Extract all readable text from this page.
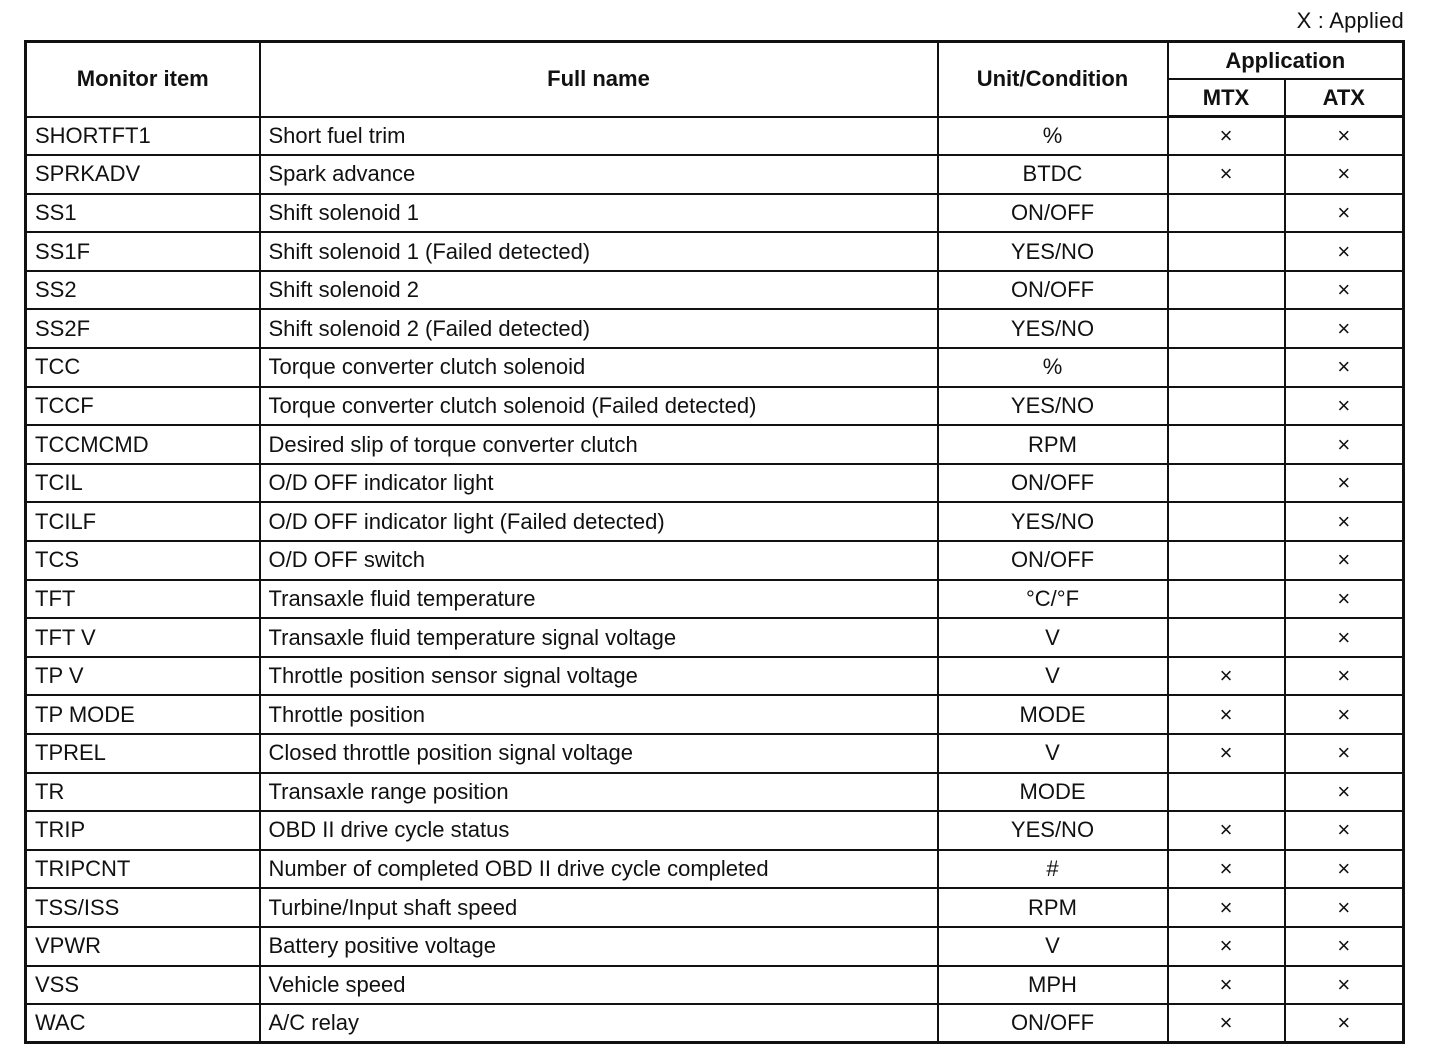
X : Applied
Monitor item	Full name	Unit/Condition	Application	
			MTX	ATX
SHORTFT1	Short fuel trim	%	×	×
SPRKADV	Spark advance	BTDC	×	×
SS1	Shift solenoid 1	ON/OFF		×
SS1F	Shift solenoid 1 (Failed detected)	YES/NO		×
SS2	Shift solenoid 2	ON/OFF		×
SS2F	Shift solenoid 2 (Failed detected)	YES/NO		×
TCC	Torque converter clutch solenoid	%		×
TCCF	Torque converter clutch solenoid (Failed detected)	YES/NO		×
TCCMCMD	Desired slip of torque converter clutch	RPM		×
TCIL	O/D OFF indicator light	ON/OFF		×
TCILF	O/D OFF indicator light (Failed detected)	YES/NO		×
TCS	O/D OFF switch	ON/OFF		×
TFT	Transaxle fluid temperature	°C/°F		×
TFT V	Transaxle fluid temperature signal voltage	V		×
TP V	Throttle position sensor signal voltage	V	×	×
TP MODE	Throttle position	MODE	×	×
TPREL	Closed throttle position signal voltage	V	×	×
TR	Transaxle range position	MODE		×
TRIP	OBD II drive cycle status	YES/NO	×	×
TRIPCNT	Number of completed OBD II drive cycle completed	#	×	×
TSS/ISS	Turbine/Input shaft speed	RPM	×	×
VPWR	Battery positive voltage	V	×	×
VSS	Vehicle speed	MPH	×	×
WAC	A/C relay	ON/OFF	×	×
